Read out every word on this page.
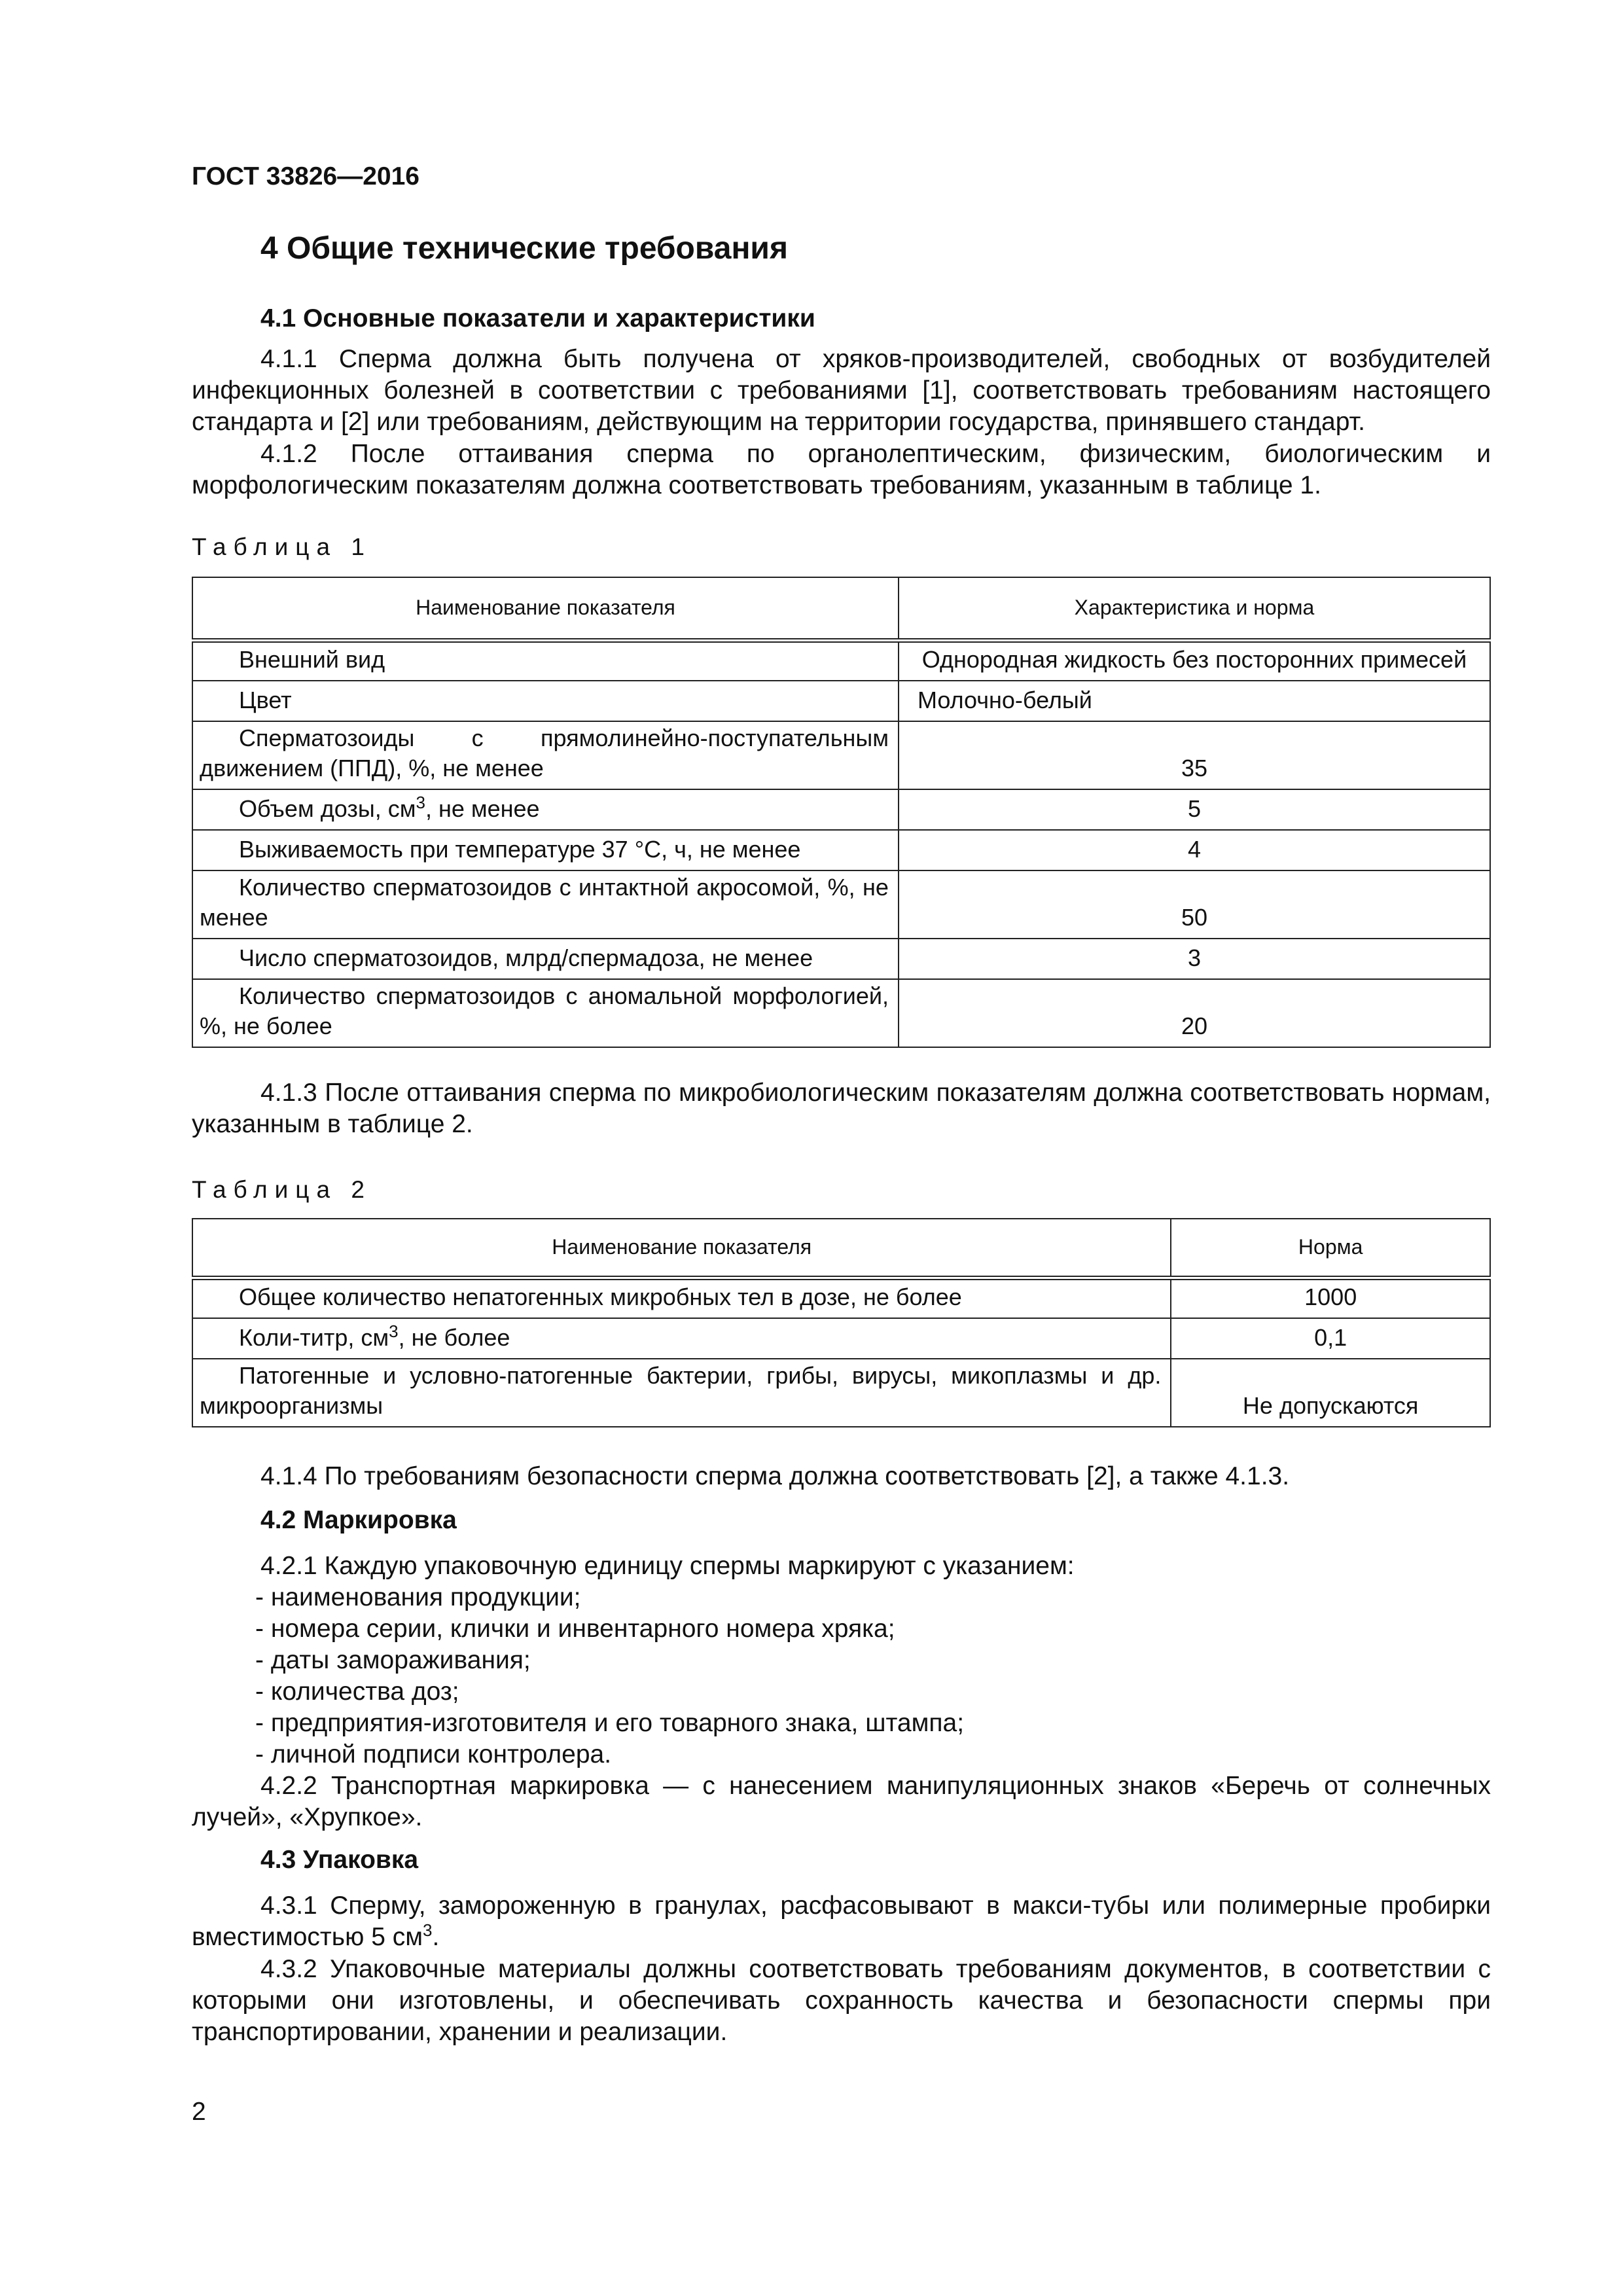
ГОСТ 33826—2016
4 Общие технические требования
4.1 Основные показатели и характеристики
4.1.1 Сперма должна быть получена от хряков-производителей, свободных от возбудителей инфекционных болезней в соответствии с требованиями [1], соответствовать требованиям настоящего стандарта и [2] или требованиям, действующим на территории государства, принявшего стандарт.
4.1.2 После оттаивания сперма по органолептическим, физическим, биологическим и морфологическим показателям должна соответствовать требованиям, указанным в таблице 1.
Таблица 1
Наименование показателя	Характеристика и норма

Внешний вид	Однородная жидкость без посторонних примесей

Цвет	Молочно-белый

Сперматозоиды с прямолинейно-поступательным движением (ППД), %, не менее	35

Объем дозы, $см^3$, не менее	5

Выживаемость при температуре 37 °С, ч, не менее	4

Количество сперматозоидов с интактной акросомой, %, не менее	50

Число сперматозоидов, млрд/спермадоза, не менее	3

Количество сперматозоидов с аномальной морфологией, %, не более	20
4.1.3 После оттаивания сперма по микробиологическим показателям должна соответствовать нормам, указанным в таблице 2.
Таблица 2
Наименование показателя	Норма

Общее количество непатогенных микробных тел в дозе, не более	1000

Коли-титр, $см^3$, не более	0,1

Патогенные и условно-патогенные бактерии, грибы, вирусы, микоплазмы и др. микроорганизмы	Не допускаются
4.1.4 По требованиям безопасности сперма должна соответствовать [2], а также 4.1.3.
4.2 Маркировка
4.2.1 Каждую упаковочную единицу спермы маркируют с указанием:
- наименования продукции;
- номера серии, клички и инвентарного номера хряка;
- даты замораживания;
- количества доз;
- предприятия-изготовителя и его товарного знака, штампа;
- личной подписи контролера.
4.2.2 Транспортная маркировка — с нанесением манипуляционных знаков «Беречь от солнечных лучей», «Хрупкое».
4.3 Упаковка
4.3.1 Сперму, замороженную в гранулах, расфасовывают в макси-тубы или полимерные пробирки вместимостью 5 $см^3$.
4.3.2 Упаковочные материалы должны соответствовать требованиям документов, в соответствии с которыми они изготовлены, и обеспечивать сохранность качества и безопасности спермы при транспортировании, хранении и реализации.
2
